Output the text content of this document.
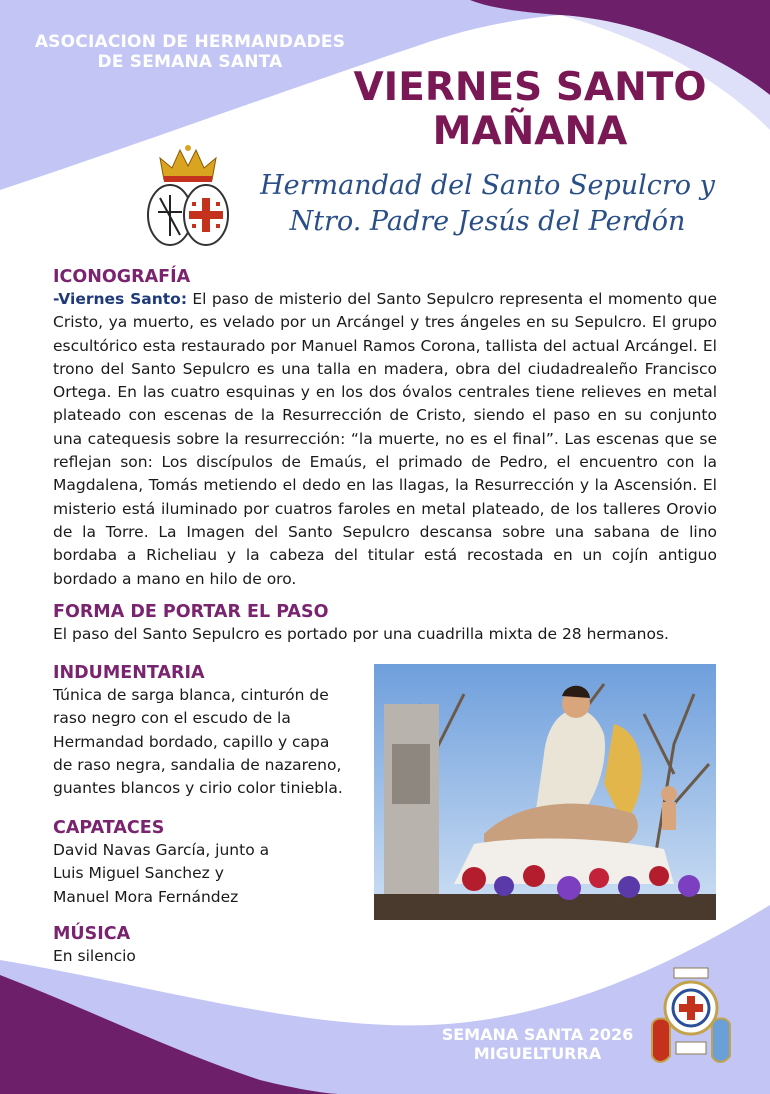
ASOCIACION DE HERMANDADES DE SEMANA SANTA
VIERNES SANTO
MAÑANA
Hermandad del Santo Sepulcro y
Ntro. Padre Jesús del Perdón
ICONOGRAFÍA

-Viernes Santo: El paso de misterio del Santo Sepulcro representa el momento que Cristo, ya muerto, es velado por un Arcángel y tres ángeles en su Sepulcro. El grupo escultórico esta restaurado por Manuel Ramos Corona, tallista del actual Arcángel. El trono del Santo Sepulcro es una talla en madera, obra del ciudadrealeño Francisco Ortega. En las cuatro esquinas y en los dos óvalos centrales tiene relieves en metal plateado con escenas de la Resurrección de Cristo, siendo el paso en su conjunto una catequesis sobre la resurrección: “la muerte, no es el final”. Las escenas que se reflejan son: Los discípulos de Emaús, el primado de Pedro, el encuentro con la Magdalena, Tomás metiendo el dedo en las llagas, la Resurrección y la Ascensión. El misterio está iluminado por cuatros faroles en metal plateado, de los talleres Orovio de la Torre. La Imagen del Santo Sepulcro descansa sobre una sabana de lino bordaba a Richeliau y la cabeza del titular está recostada en un cojín antiguo bordado a mano en hilo de oro.

FORMA DE PORTAR EL PASO
El paso del Santo Sepulcro es portado por una cuadrilla mixta de 28 hermanos.
INDUMENTARIA
Túnica de sarga blanca, cinturón de
raso negro con el escudo de la
Hermandad bordado, capillo y capa
de raso negra, sandalia de nazareno,
guantes blancos y cirio color tiniebla.
CAPATACES
David Navas García, junto a
Luis Miguel Sanchez y
Manuel Mora Fernández
MÚSICA
En silencio
SEMANA SANTA 2026
MIGUELTURRA
